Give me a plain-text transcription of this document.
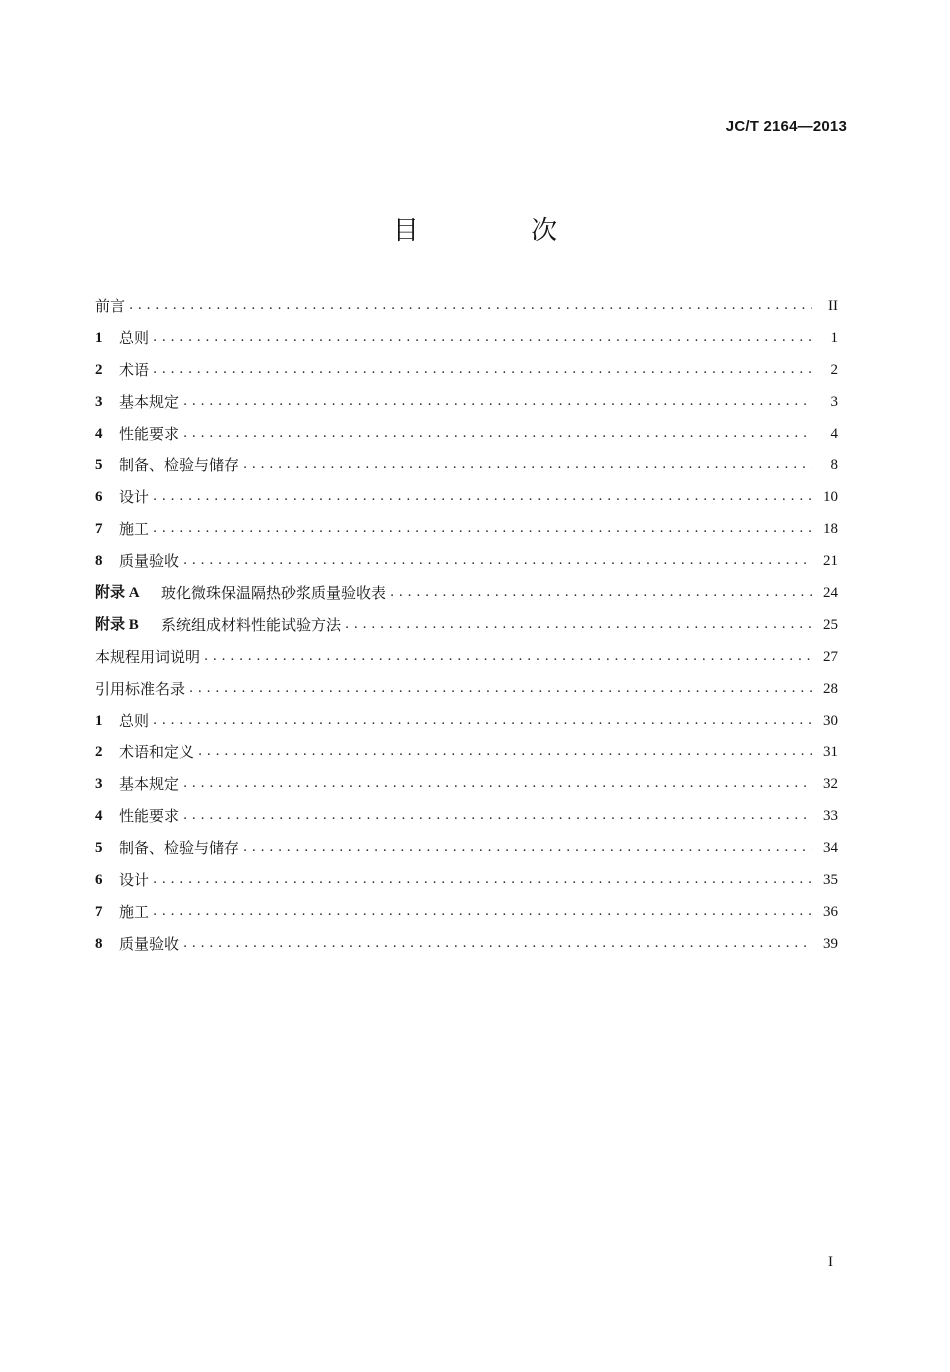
JC/T 2164—2013
目 次
前言 .....	II
1	总则 .....	1
2	术语 .....	2
3	基本规定 .....	3
4	性能要求 .....	4
5	制备、检验与储存 .....	8
6	设计 .....	10
7	施工 .....	18
8	质量验收 .....	21
附录 A	玻化微珠保温隔热砂浆质量验收表 .....	24
附录 B	系统组成材料性能试验方法 .....	25
本规程用词说明 .....	27
引用标准名录 .....	28
1	总则 .....	30
2	术语和定义 .....	31
3	基本规定 .....	32
4	性能要求 .....	33
5	制备、检验与储存 .....	34
6	设计 .....	35
7	施工 .....	36
8	质量验收 .....	39
I
